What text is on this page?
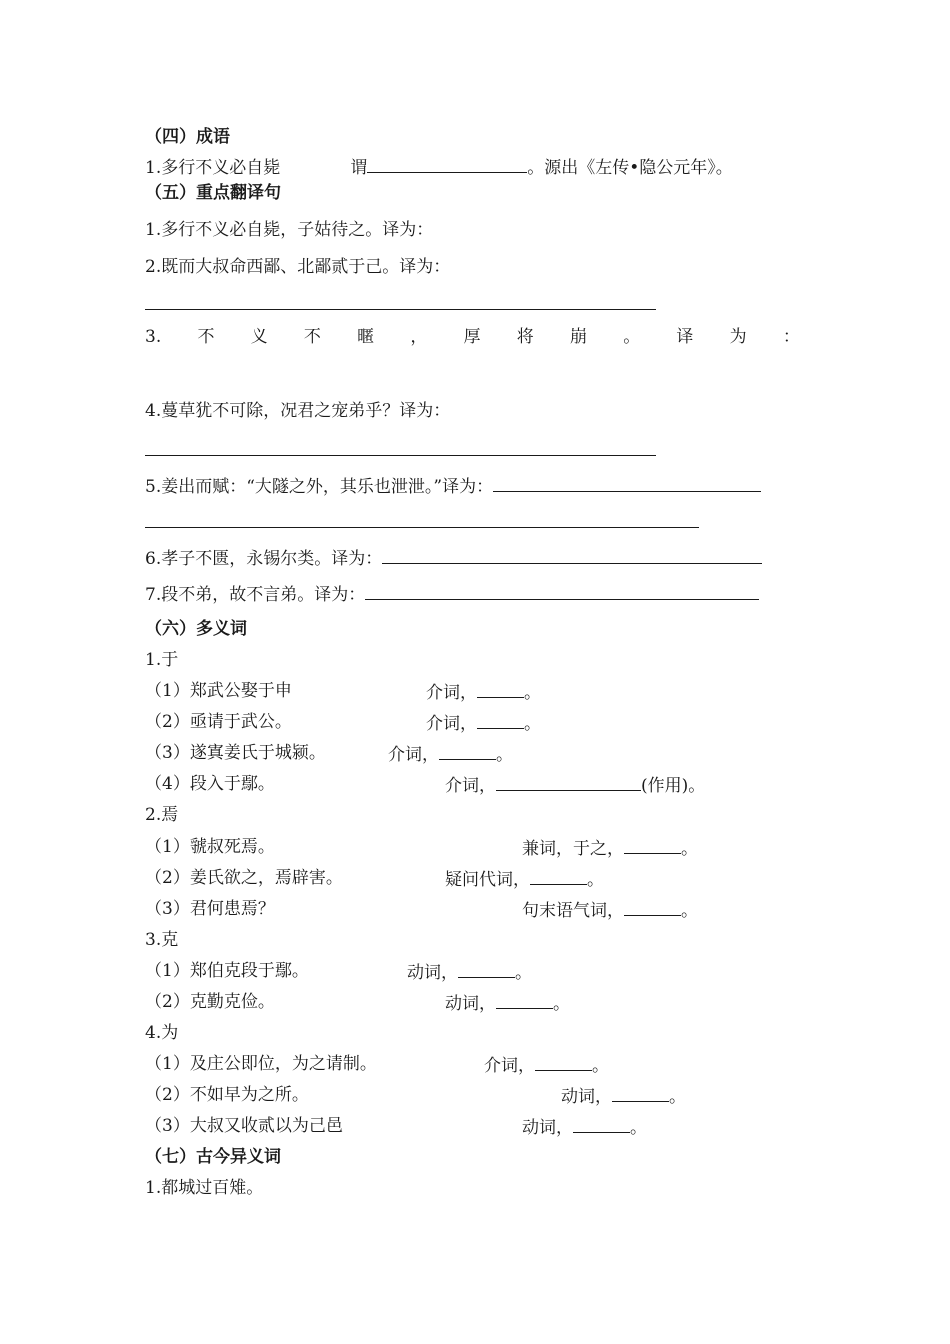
（四）成语
1.多行不义必自毙	谓	。源出《左传•隐公元年》。
（五）重点翻译句
1.多行不义必自毙，子姑待之。译为：
2.既而大叔命西鄙、北鄙贰于己。译为：
3. 不 义 不 暱 ， 厚 将 崩 。 译 为 ：
4.蔓草犹不可除，况君之宠弟乎？译为：
5.姜出而赋：“大隧之外，其乐也泄泄。”译为：
6.孝子不匮，永锡尔类。译为：
7.段不弟，故不言弟。译为：
（六）多义词
1.于
（1）郑武公娶于申	介词，	。
（2）亟请于武公。	介词，	。
（3）遂寘姜氏于城颍。	介词，	。
（4）段入于鄢。	介词，	(作用)。
2.焉
（1）虢叔死焉。	兼词，于之，	。
（2）姜氏欲之，焉辟害。	疑问代词，	。
（3）君何患焉？	句末语气词，	。
3.克
（1）郑伯克段于鄢。	动词，	。
（2）克勤克俭。	动词，	。
4.为
（1）及庄公即位，为之请制。	介词，	。
（2）不如早为之所。	动词，	。
（3）大叔又收贰以为己邑	动词，	。
（七）古今异义词
1.都城过百雉。
